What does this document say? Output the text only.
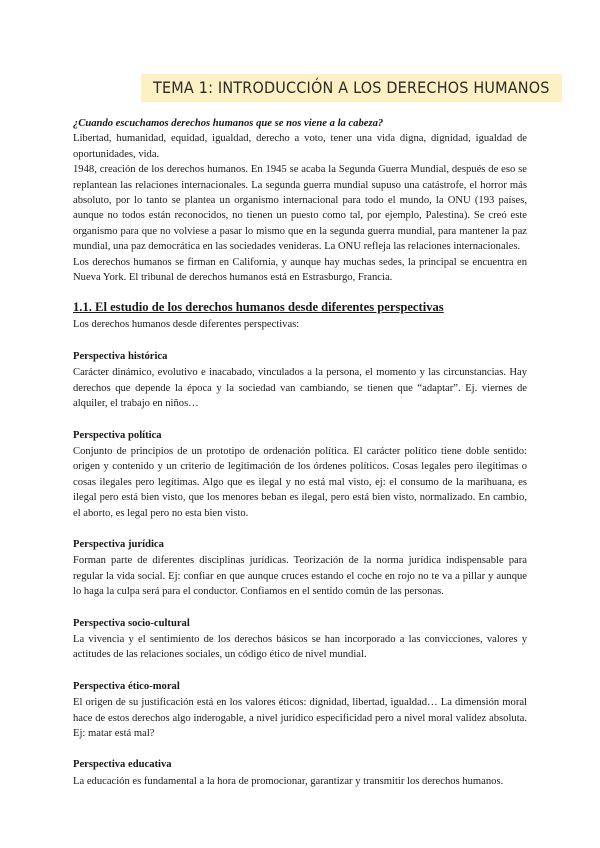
TEMA 1: INTRODUCCIÓN A LOS DERECHOS HUMANOS

¿Cuando escuchamos derechos humanos que se nos viene a la cabeza?

Libertad, humanidad, equidad, igualdad, derecho a voto, tener una vida digna, dignidad, igualdad de oportunidades, vida.

1948, creación de los derechos humanos. En 1945 se acaba la Segunda Guerra Mundial, después de eso se replantean las relaciones internacionales. La segunda guerra mundial supuso una catástrofe, el horror más absoluto, por lo tanto se plantea un organismo internacional para todo el mundo, la ONU (193 países, aunque no todos están reconocidos, no tienen un puesto como tal, por ejemplo, Palestina). Se creó este organismo para que no volviese a pasar lo mismo que en la segunda guerra mundial, para mantener la paz mundial, una paz democrática en las sociedades venideras. La ONU refleja las relaciones internacionales.

Los derechos humanos se firman en California, y aunque hay muchas sedes, la principal se encuentra en Nueva York. El tribunal de derechos humanos está en Estrasburgo, Francia.

1.1. El estudio de los derechos humanos desde diferentes perspectivas

Los derechos humanos desde diferentes perspectivas:

Perspectiva histórica

Carácter dinámico, evolutivo e inacabado, vinculados a la persona, el momento y las circunstancias. Hay derechos que depende la época y la sociedad van cambiando, se tienen que “adaptar”. Ej. viernes de alquiler, el trabajo en niños…

Perspectiva política

Conjunto de principios de un prototipo de ordenación política. El carácter político tiene doble sentido: origen y contenido y un criterio de legitimación de los órdenes políticos. Cosas legales pero ilegítimas o cosas ilegales pero legítimas. Algo que es ilegal y no está mal visto, ej: el consumo de la marihuana, es ilegal pero está bien visto, que los menores beban es ilegal, pero está bien visto, normalizado. En cambio, el aborto, es legal pero no esta bien visto.

Perspectiva jurídica

Forman parte de diferentes disciplinas jurídicas. Teorización de la norma jurídica indispensable para regular la vida social. Ej: confiar en que aunque cruces estando el coche en rojo no te va a pillar y aunque lo haga la culpa será para el conductor. Confiamos en el sentido común de las personas.

Perspectiva socio-cultural

La vivencia y el sentimiento de los derechos básicos se han incorporado a las convicciones, valores y actitudes de las relaciones sociales, un código ético de nivel mundial.

Perspectiva ético-moral

El origen de su justificación está en los valores éticos: dignidad, libertad, igualdad… La dimensión moral hace de estos derechos algo inderogable, a nivel jurídico especificidad pero a nivel moral validez absoluta. Ej: matar está mal?

Perspectiva educativa

La educación es fundamental a la hora de promocionar, garantizar y transmitir los derechos humanos.
